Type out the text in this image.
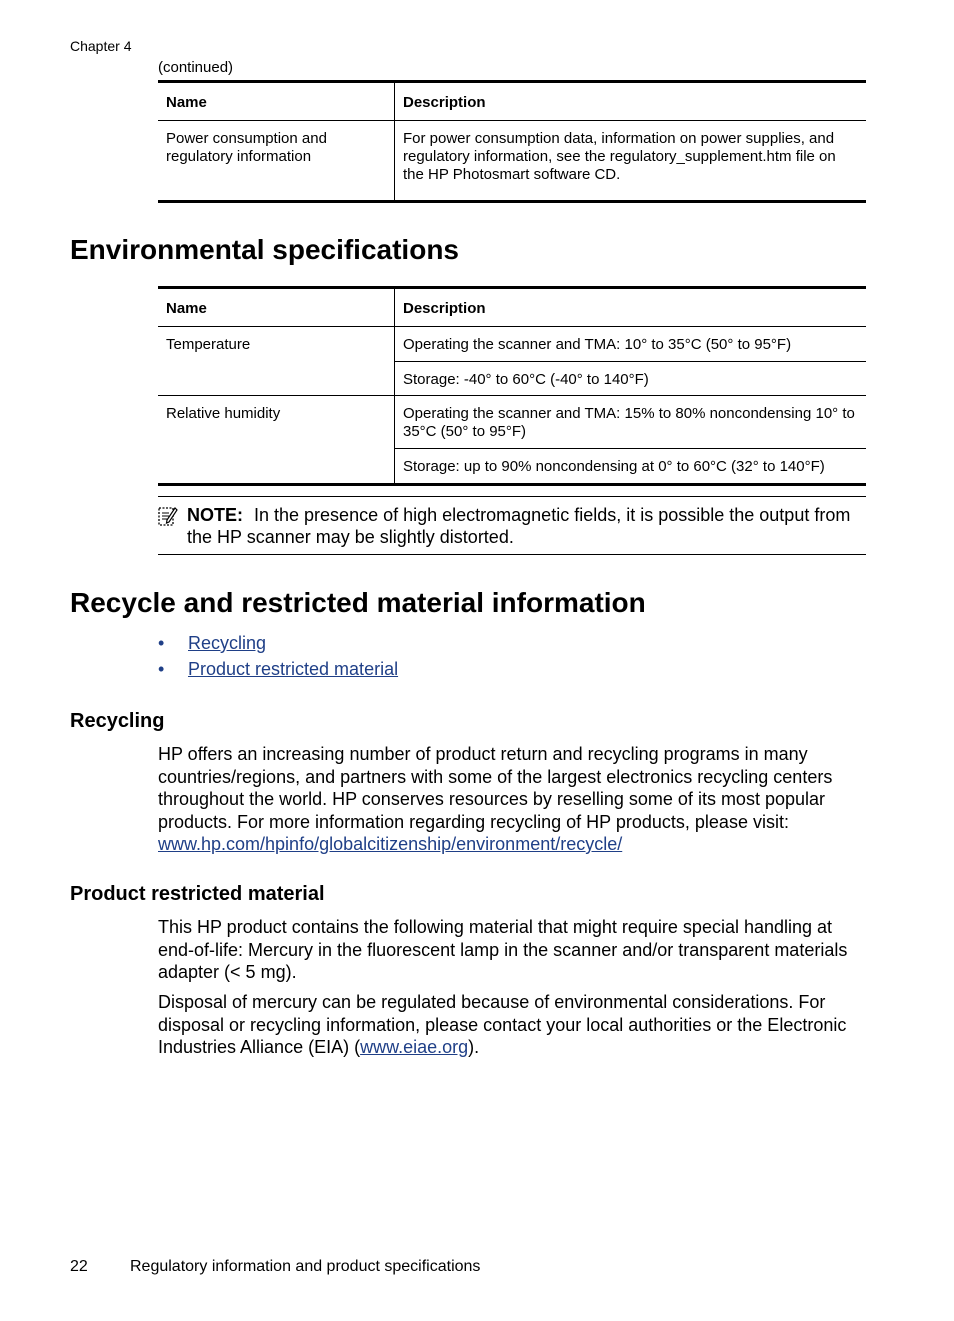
Chapter 4
(continued)
Name	Description
Power consumption and regulatory information	For power consumption data, information on power supplies, and regulatory information, see the regulatory_supplement.htm file on the HP Photosmart software CD.
Environmental specifications
Name	Description
Temperature	Operating the scanner and TMA: 10° to 35°C (50° to 95°F)
	Storage: -40° to 60°C (-40° to 140°F)
Relative humidity	Operating the scanner and TMA: 15% to 80% noncondensing 10° to 35°C (50° to 95°F)
	Storage: up to 90% noncondensing at 0° to 60°C (32° to 140°F)
NOTE: In the presence of high electromagnetic fields, it is possible the output from the HP scanner may be slightly distorted.
Recycle and restricted material information
• Recycling
• Product restricted material
Recycling
HP offers an increasing number of product return and recycling programs in many countries/regions, and partners with some of the largest electronics recycling centers throughout the world. HP conserves resources by reselling some of its most popular products. For more information regarding recycling of HP products, please visit:
www.hp.com/hpinfo/globalcitizenship/environment/recycle/
Product restricted material
This HP product contains the following material that might require special handling at end-of-life: Mercury in the fluorescent lamp in the scanner and/or transparent materials adapter (< 5 mg).
Disposal of mercury can be regulated because of environmental considerations. For disposal or recycling information, please contact your local authorities or the Electronic Industries Alliance (EIA) (www.eiae.org).
22	Regulatory information and product specifications
